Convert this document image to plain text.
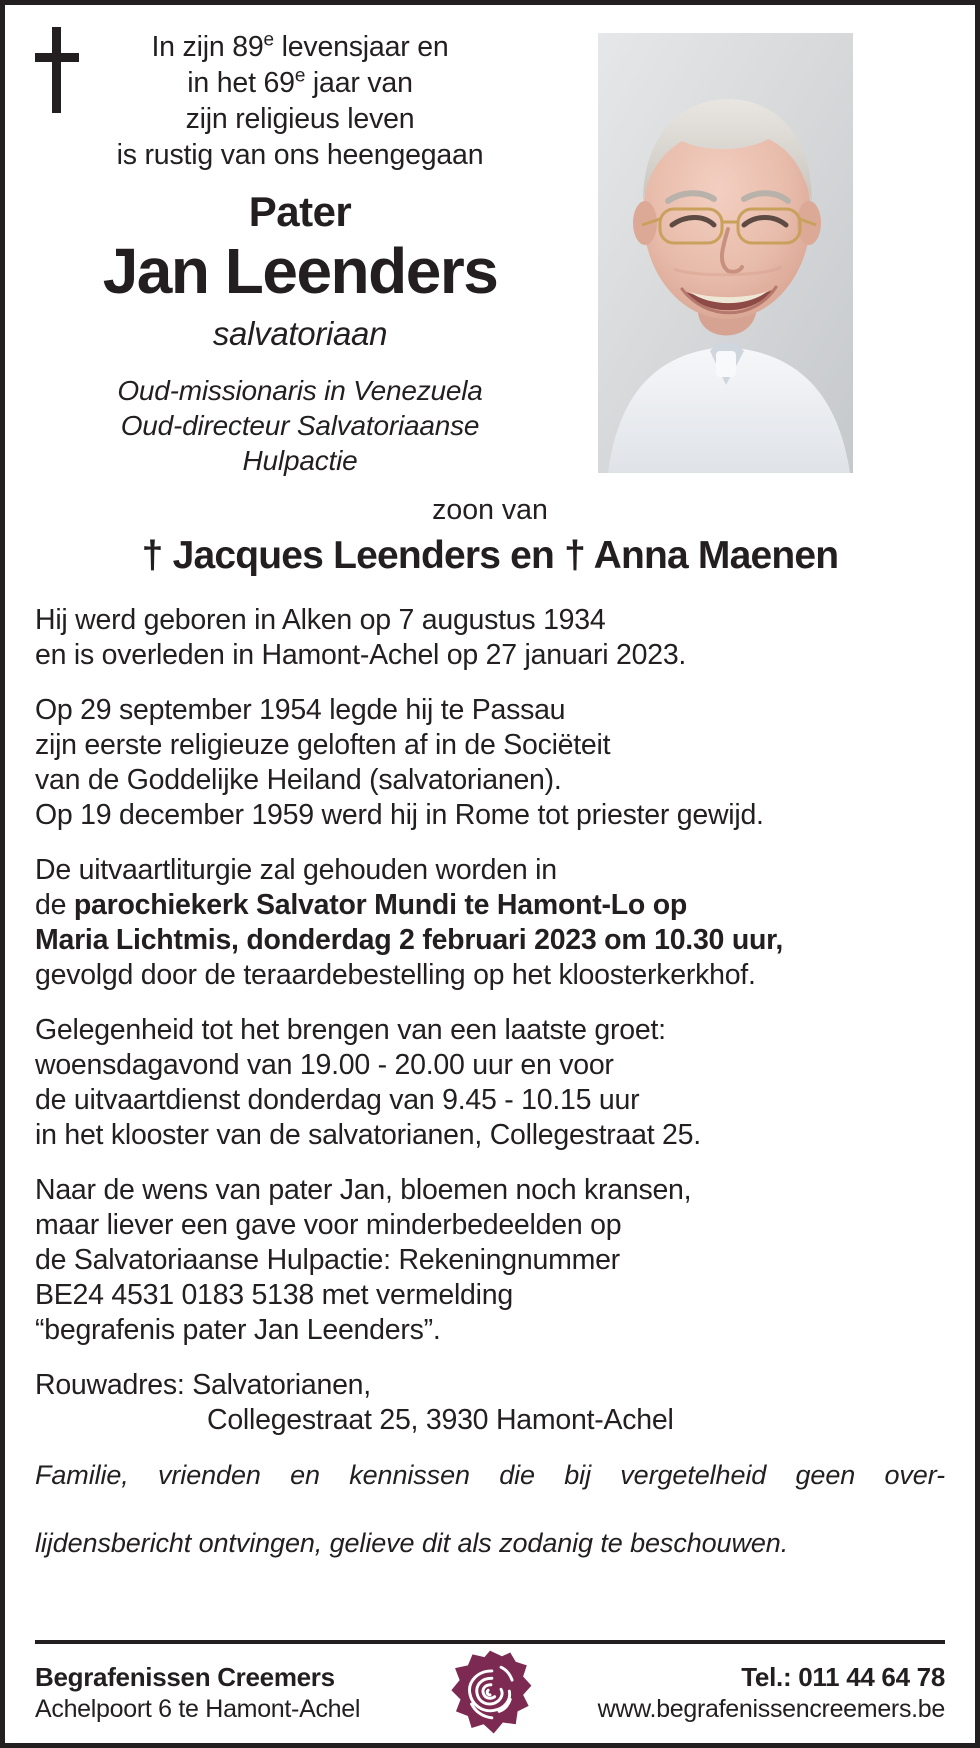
In zijn 89e levensjaar en
in het 69e jaar van
zijn religieus leven
is rustig van ons heengegaan
Pater
Jan Leenders
salvatoriaan
Oud-missionaris in Venezuela
Oud-directeur Salvatoriaanse
Hulpactie
zoon van
† Jacques Leenders en † Anna Maenen
Hij werd geboren in Alken op 7 augustus 1934
en is overleden in Hamont-Achel op 27 januari 2023.
Op 29 september 1954 legde hij te Passau
zijn eerste religieuze geloften af in de Sociëteit
van de Goddelijke Heiland (salvatorianen).
Op 19 december 1959 werd hij in Rome tot priester gewijd.
De uitvaartliturgie zal gehouden worden in
de parochiekerk Salvator Mundi te Hamont-Lo op
Maria Lichtmis, donderdag 2 februari 2023 om 10.30 uur,
gevolgd door de teraardebestelling op het kloosterkerkhof.
Gelegenheid tot het brengen van een laatste groet:
woensdagavond van 19.00 - 20.00 uur en voor
de uitvaartdienst donderdag van 9.45 - 10.15 uur
in het klooster van de salvatorianen, Collegestraat 25.
Naar de wens van pater Jan, bloemen noch kransen,
maar liever een gave voor minderbedeelden op
de Salvatoriaanse Hulpactie: Rekeningnummer
BE24 4531 0183 5138 met vermelding
“begrafenis pater Jan Leenders”.
Rouwadres: Salvatorianen,
Collegestraat 25, 3930 Hamont-Achel
Familie, vrienden en kennissen die bij vergetelheid geen over-
lijdensbericht ontvingen, gelieve dit als zodanig te beschouwen.
Begrafenissen Creemers
Achelpoort 6 te Hamont-Achel
Tel.: 011 44 64 78
www.begrafenissencreemers.be
